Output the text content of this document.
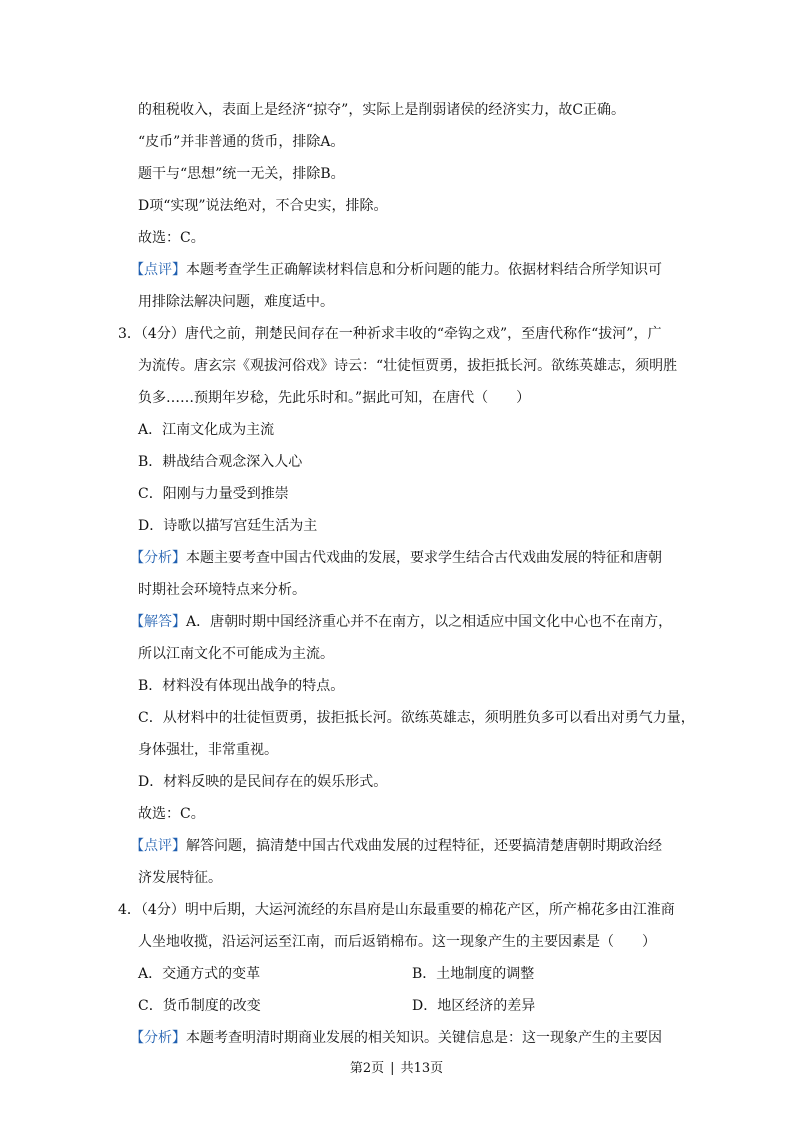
的租税收入，表面上是经济“掠夺”，实际上是削弱诸侯的经济实力，故C正确。
“皮币”并非普通的货币，排除A。
题干与“思想”统一无关，排除B。
D项“实现”说法绝对，不合史实，排除。
故选：C。
【点评】本题考查学生正确解读材料信息和分析问题的能力。依据材料结合所学知识可
用排除法解决问题，难度适中。
3．（4分）唐代之前，荆楚民间存在一种祈求丰收的“牵钩之戏”，至唐代称作“拔河”，广
为流传。唐玄宗《观拔河俗戏》诗云：“壮徒恒贾勇，拔拒抵长河。欲练英雄志，须明胜
负多……预期年岁稔，先此乐时和。”据此可知，在唐代（　　）
A．江南文化成为主流
B．耕战结合观念深入人心
C．阳刚与力量受到推崇
D．诗歌以描写宫廷生活为主
【分析】本题主要考查中国古代戏曲的发展，要求学生结合古代戏曲发展的特征和唐朝
时期社会环境特点来分析。
【解答】A．唐朝时期中国经济重心并不在南方，以之相适应中国文化中心也不在南方，
所以江南文化不可能成为主流。
B．材料没有体现出战争的特点。
C．从材料中的壮徒恒贾勇，拔拒抵长河。欲练英雄志，须明胜负多可以看出对勇气力量，
身体强壮，非常重视。
D．材料反映的是民间存在的娱乐形式。
故选：C。
【点评】解答问题，搞清楚中国古代戏曲发展的过程特征，还要搞清楚唐朝时期政治经
济发展特征。
4．（4分）明中后期，大运河流经的东昌府是山东最重要的棉花产区，所产棉花多由江淮商
人坐地收揽，沿运河运至江南，而后返销棉布。这一现象产生的主要因素是（　　）
A．交通方式的变革	B．土地制度的调整
C．货币制度的改变	D．地区经济的差异
【分析】本题考查明清时期商业发展的相关知识。关键信息是：这一现象产生的主要因
第2页 | 共13页
